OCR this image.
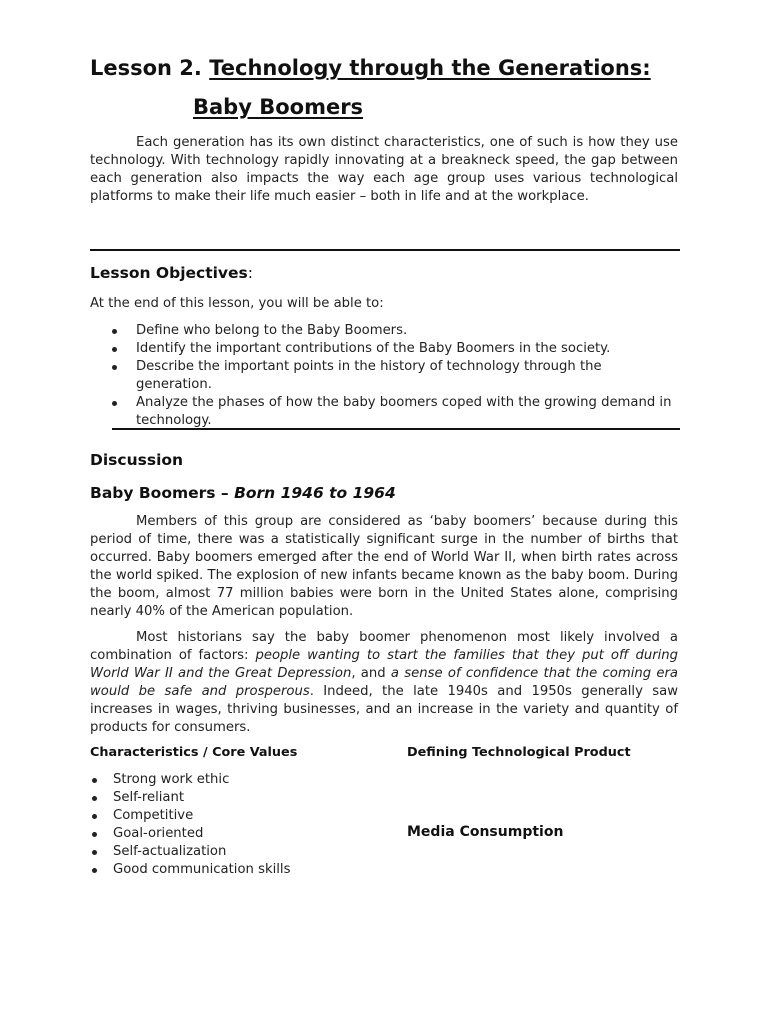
Lesson 2. Technology through the Generations:
Baby Boomers
Each generation has its own distinct characteristics, one of such is how they use technology. With technology rapidly innovating at a breakneck speed, the gap between each generation also impacts the way each age group uses various technological platforms to make their life much easier – both in life and at the workplace.
Lesson Objectives:
At the end of this lesson, you will be able to:
Define who belong to the Baby Boomers.
Identify the important contributions of the Baby Boomers in the society.
Describe the important points in the history of technology through the generation.
Analyze the phases of how the baby boomers coped with the growing demand in technology.
Discussion
Baby Boomers – Born 1946 to 1964
Members of this group are considered as ‘baby boomers’ because during this period of time, there was a statistically significant surge in the number of births that occurred. Baby boomers emerged after the end of World War II, when birth rates across the world spiked. The explosion of new infants became known as the baby boom. During the boom, almost 77 million babies were born in the United States alone, comprising nearly 40% of the American population.
Most historians say the baby boomer phenomenon most likely involved a combination of factors: people wanting to start the families that they put off during World War II and the Great Depression, and a sense of confidence that the coming era would be safe and prosperous. Indeed, the late 1940s and 1950s generally saw increases in wages, thriving businesses, and an increase in the variety and quantity of products for consumers.
Characteristics / Core Values	Defining Technological Product
Strong work ethic
Self-reliant
Competitive
Goal-oriented
Self-actualization
Good communication skills
Media Consumption
